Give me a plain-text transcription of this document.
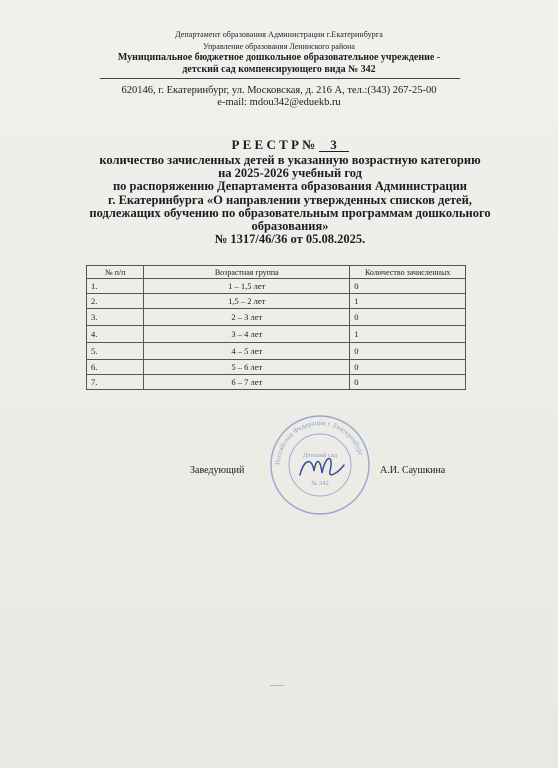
Департамент образования Администрации г.Екатеринбурга
Управление образования Ленинского района
Муниципальное бюджетное дошкольное образовательное учреждение -
детский сад компенсирующего вида № 342
620146, г. Екатеринбург, ул. Московская, д. 216 А, тел.:(343) 267-25-00
e-mail: mdou342@eduekb.ru
Р Е Е С Т Р № 3
количество зачисленных детей в указанную возрастную категорию
на 2025-2026 учебный год
по распоряжению Департамента образования Администрации
г. Екатеринбурга «О направлении утвержденных списков детей,
подлежащих обучению по образовательным программам дошкольного
образования»
№ 1317/46/36 от 05.08.2025.
№ п/п	Возрастная группа	Количество зачисленных
1.	1 – 1,5 лет	0
2.	1,5 – 2 лет	1
3.	2 – 3 лет	0
4.	3 – 4 лет	1
5.	4 – 5 лет	0
6.	5 – 6 лет	0
7.	6 – 7 лет	0
Заведующий
Российская Федерация г. Екатеринбург
Детский сад
№ 342
А.И. Саушкина
